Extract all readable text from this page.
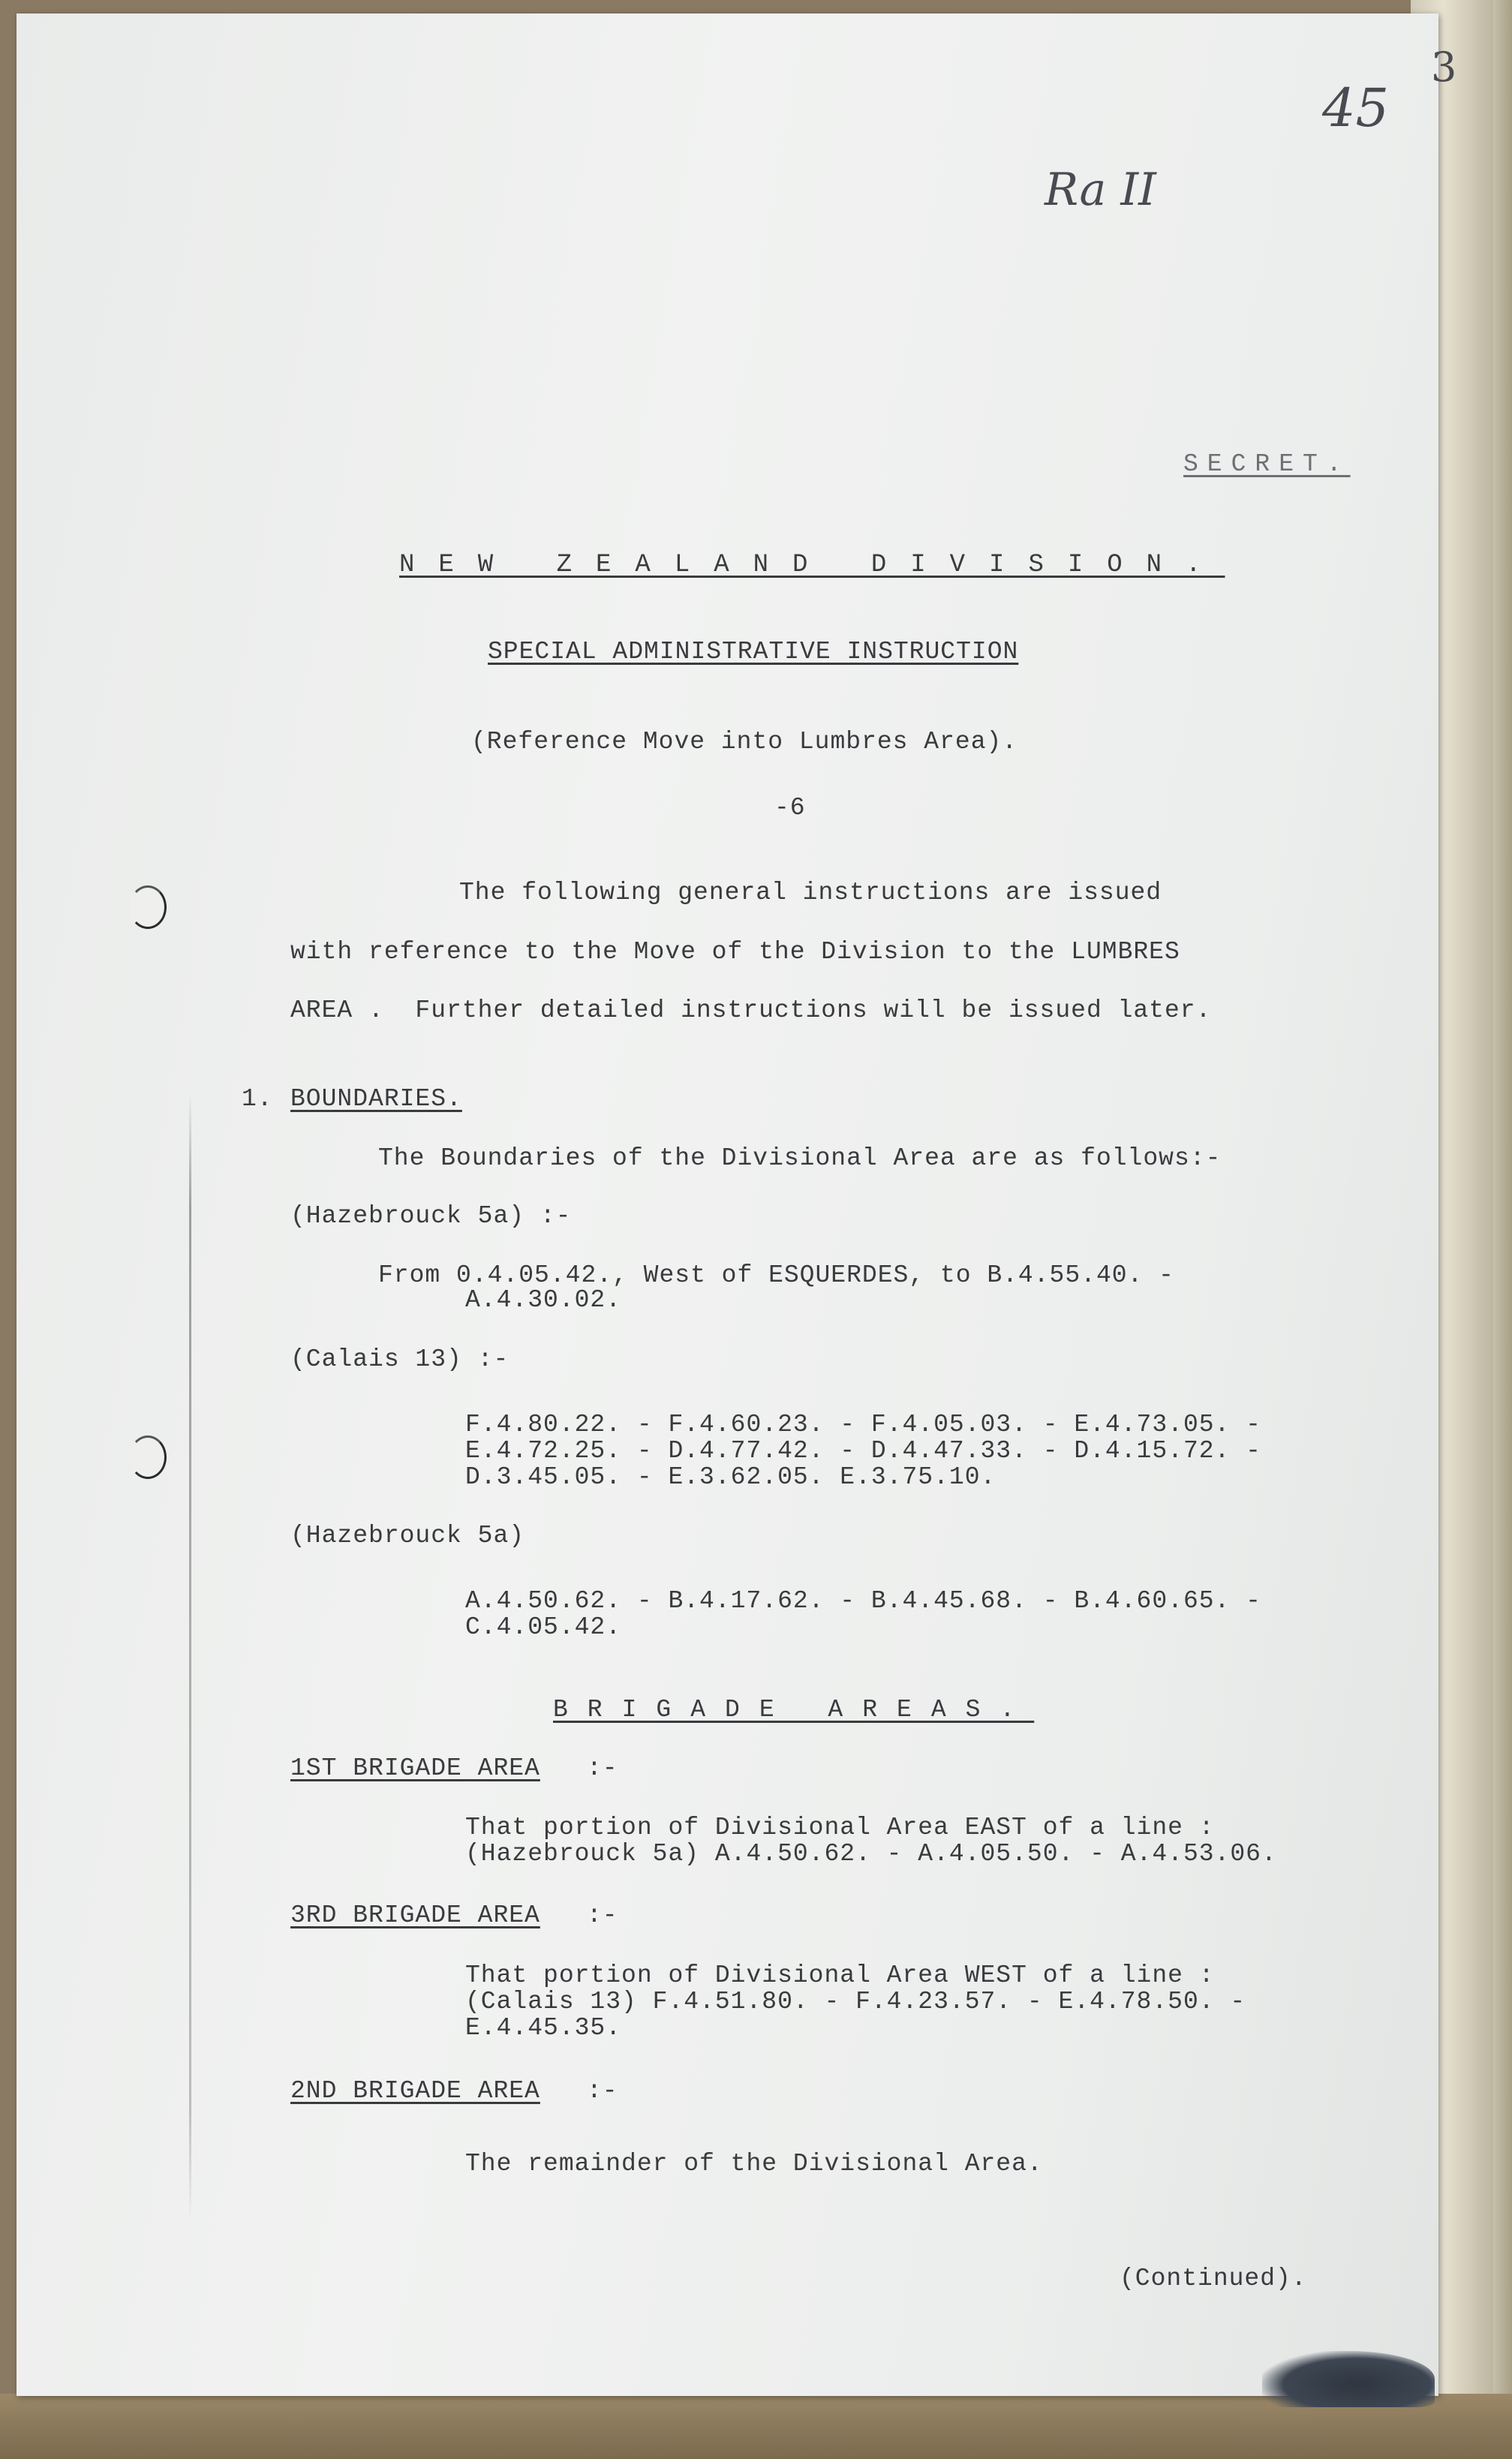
45
Ra II
3
SECRET.
NEW ZEALAND DIVISION.
SPECIAL ADMINISTRATIVE INSTRUCTION
(Reference Move into Lumbres Area).
-6
The following general instructions are issued
with reference to the Move of the Division to the LUMBRES
AREA .  Further detailed instructions will be issued later.
1. BOUNDARIES.
The Boundaries of the Divisional Area are as follows:-
(Hazebrouck 5a) :-
From 0.4.05.42., West of ESQUERDES, to B.4.55.40. -
A.4.30.02.
(Calais 13) :-
F.4.80.22. - F.4.60.23. - F.4.05.03. - E.4.73.05. -
E.4.72.25. - D.4.77.42. - D.4.47.33. - D.4.15.72. -
D.3.45.05. - E.3.62.05. E.3.75.10.
(Hazebrouck 5a)
A.4.50.62. - B.4.17.62. - B.4.45.68. - B.4.60.65. -
C.4.05.42.
BRIGADE AREAS.
1ST BRIGADE AREA :-
That portion of Divisional Area EAST of a line :
(Hazebrouck 5a) A.4.50.62. - A.4.05.50. - A.4.53.06.
3RD BRIGADE AREA :-
That portion of Divisional Area WEST of a line :
(Calais 13) F.4.51.80. - F.4.23.57. - E.4.78.50. -
E.4.45.35.
2ND BRIGADE AREA :-
The remainder of the Divisional Area.
(Continued).
